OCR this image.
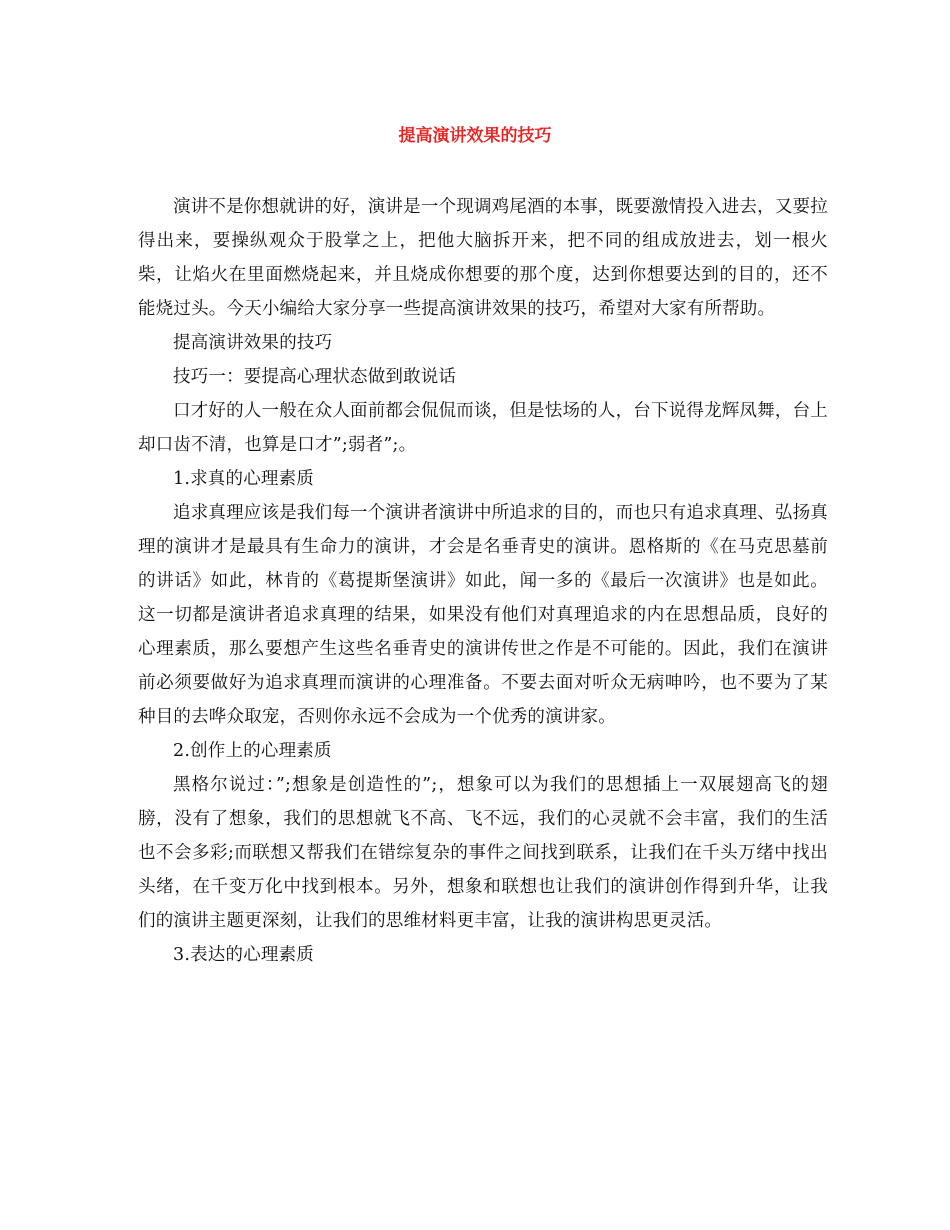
提高演讲效果的技巧

演讲不是你想就讲的好，演讲是一个现调鸡尾酒的本事，既要激情投入进去，又要拉得出来，要操纵观众于股掌之上，把他大脑拆开来，把不同的组成放进去，划一根火柴，让焰火在里面燃烧起来，并且烧成你想要的那个度，达到你想要达到的目的，还不能烧过头。今天小编给大家分享一些提高演讲效果的技巧，希望对大家有所帮助。

提高演讲效果的技巧

技巧一：要提高心理状态做到敢说话

口才好的人一般在众人面前都会侃侃而谈，但是怯场的人，台下说得龙辉凤舞，台上却口齿不清，也算是口才”;弱者”;。

1.求真的心理素质

追求真理应该是我们每一个演讲者演讲中所追求的目的，而也只有追求真理、弘扬真理的演讲才是最具有生命力的演讲，才会是名垂青史的演讲。恩格斯的《在马克思墓前的讲话》如此，林肯的《葛提斯堡演讲》如此，闻一多的《最后一次演讲》也是如此。这一切都是演讲者追求真理的结果，如果没有他们对真理追求的内在思想品质，良好的心理素质，那么要想产生这些名垂青史的演讲传世之作是不可能的。因此，我们在演讲前必须要做好为追求真理而演讲的心理准备。不要去面对听众无病呻吟，也不要为了某种目的去哗众取宠，否则你永远不会成为一个优秀的演讲家。

2.创作上的心理素质

黑格尔说过：”;想象是创造性的”;，想象可以为我们的思想插上一双展翅高飞的翅膀，没有了想象，我们的思想就飞不高、飞不远，我们的心灵就不会丰富，我们的生活也不会多彩;而联想又帮我们在错综复杂的事件之间找到联系，让我们在千头万绪中找出头绪，在千变万化中找到根本。另外，想象和联想也让我们的演讲创作得到升华，让我们的演讲主题更深刻，让我们的思维材料更丰富，让我的演讲构思更灵活。

3.表达的心理素质
